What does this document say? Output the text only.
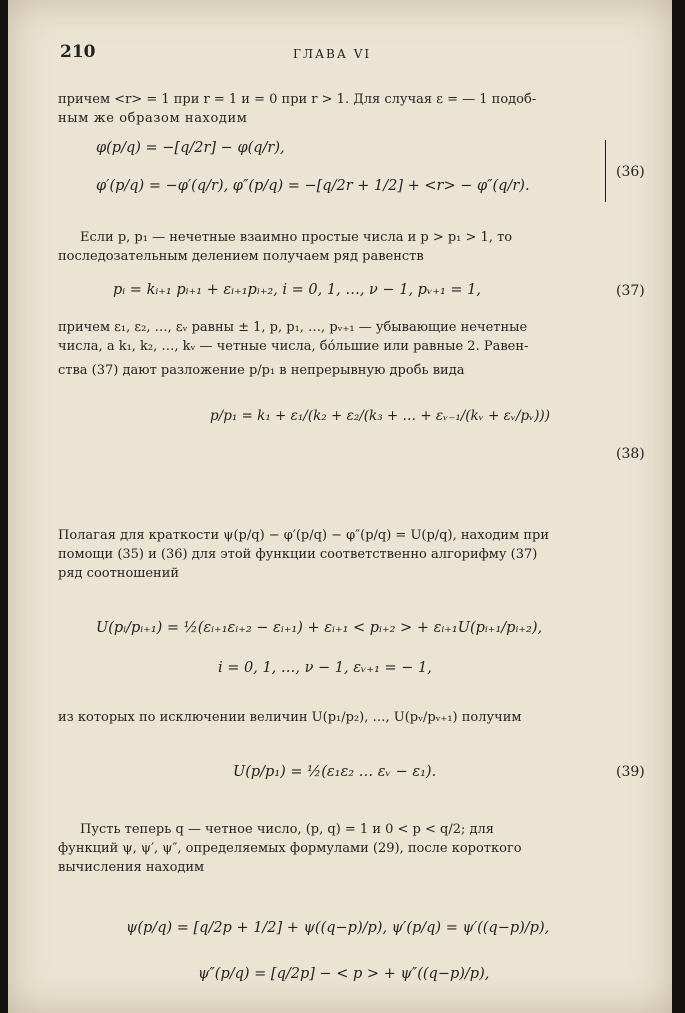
210	ГЛАВА VI

причем <r> = 1 при r = 1 и = 0 при r > 1. Для случая ε = — 1 подоб-

ным же образом находим

φ(p/q) = −[q/2r] − φ(q/r),
φ′(p/q) = −φ′(q/r), φ″(p/q) = −[q/2r + 1/2] + <r> − φ″(q/r).
(36)

Если p, p₁ — нечетные взаимно простые числа и p > p₁ > 1, то

последозательным делением получаем ряд равенств

pᵢ = kᵢ₊₁ pᵢ₊₁ + εᵢ₊₁pᵢ₊₂, i = 0, 1, …, ν − 1, pᵥ₊₁ = 1,	(37)

причем ε₁, ε₂, …, εᵥ равны ± 1, p, p₁, …, pᵥ₊₁ — убывающие нечетные

числа, а k₁, k₂, …, kᵥ — четные числа, бо́льшие или равные 2. Равен-

ства (37) дают разложение p/p₁ в непрерывную дробь вида

p/p₁ = k₁ + ε₁/(k₂ + ε₂/(k₃ + … + εᵥ₋₁/(kᵥ + εᵥ/pᵥ)))
(38)

Полагая для краткости ψ(p/q) − φ′(p/q) − φ″(p/q) = U(p/q), находим при

помощи (35) и (36) для этой функции соответственно алгорифму (37)

ряд соотношений

U(pᵢ/pᵢ₊₁) = ½(εᵢ₊₁εᵢ₊₂ − εᵢ₊₁) + εᵢ₊₁ < pᵢ₊₂ > + εᵢ₊₁U(pᵢ₊₁/pᵢ₊₂),
i = 0, 1, …, ν − 1, εᵥ₊₁ = − 1,

из которых по исключении величин U(p₁/p₂), …, U(pᵥ/pᵥ₊₁) получим

U(p/p₁) = ½(ε₁ε₂ … εᵥ − ε₁).	(39)

Пусть теперь q — четное число, (p, q) = 1 и 0 < p < q/2; для

функций ψ, ψ′, ψ″, определяемых формулами (29), после короткого

вычисления находим

ψ(p/q) = [q/2p + 1/2] + ψ((q−p)/p), ψ′(p/q) = ψ′((q−p)/p),
ψ″(p/q) = [q/2p] − < p > + ψ″((q−p)/p),
